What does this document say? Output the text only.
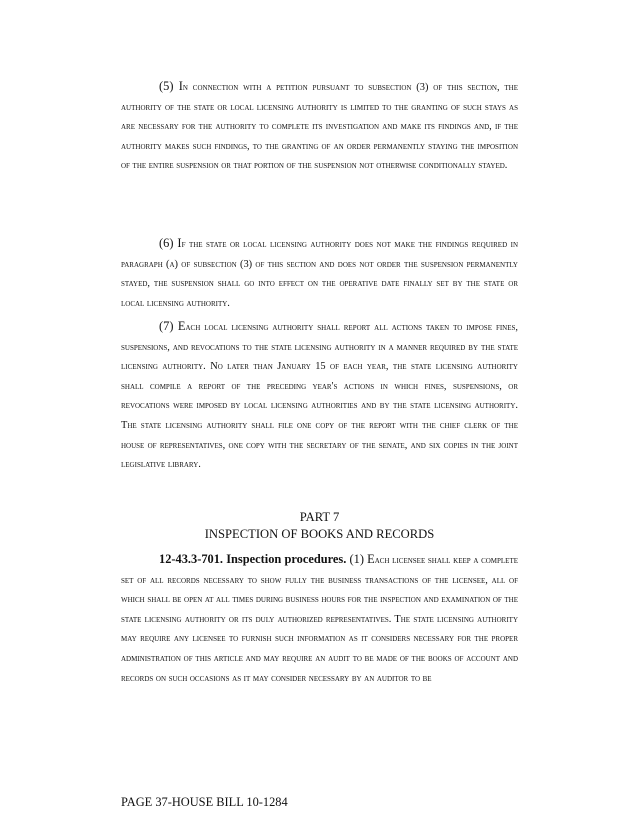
(5) In connection with a petition pursuant to subsection (3) of this section, the authority of the state or local licensing authority is limited to the granting of such stays as are necessary for the authority to complete its investigation and make its findings and, if the authority makes such findings, to the granting of an order permanently staying the imposition of the entire suspension or that portion of the suspension not otherwise conditionally stayed.
(6) If the state or local licensing authority does not make the findings required in paragraph (a) of subsection (3) of this section and does not order the suspension permanently stayed, the suspension shall go into effect on the operative date finally set by the state or local licensing authority.
(7) Each local licensing authority shall report all actions taken to impose fines, suspensions, and revocations to the state licensing authority in a manner required by the state licensing authority. No later than January 15 of each year, the state licensing authority shall compile a report of the preceding year's actions in which fines, suspensions, or revocations were imposed by local licensing authorities and by the state licensing authority. The state licensing authority shall file one copy of the report with the chief clerk of the house of representatives, one copy with the secretary of the senate, and six copies in the joint legislative library.
PART 7
INSPECTION OF BOOKS AND RECORDS
12-43.3-701. Inspection procedures. (1) Each licensee shall keep a complete set of all records necessary to show fully the business transactions of the licensee, all of which shall be open at all times during business hours for the inspection and examination of the state licensing authority or its duly authorized representatives. The state licensing authority may require any licensee to furnish such information as it considers necessary for the proper administration of this article and may require an audit to be made of the books of account and records on such occasions as it may consider necessary by an auditor to be
PAGE 37-HOUSE BILL 10-1284
